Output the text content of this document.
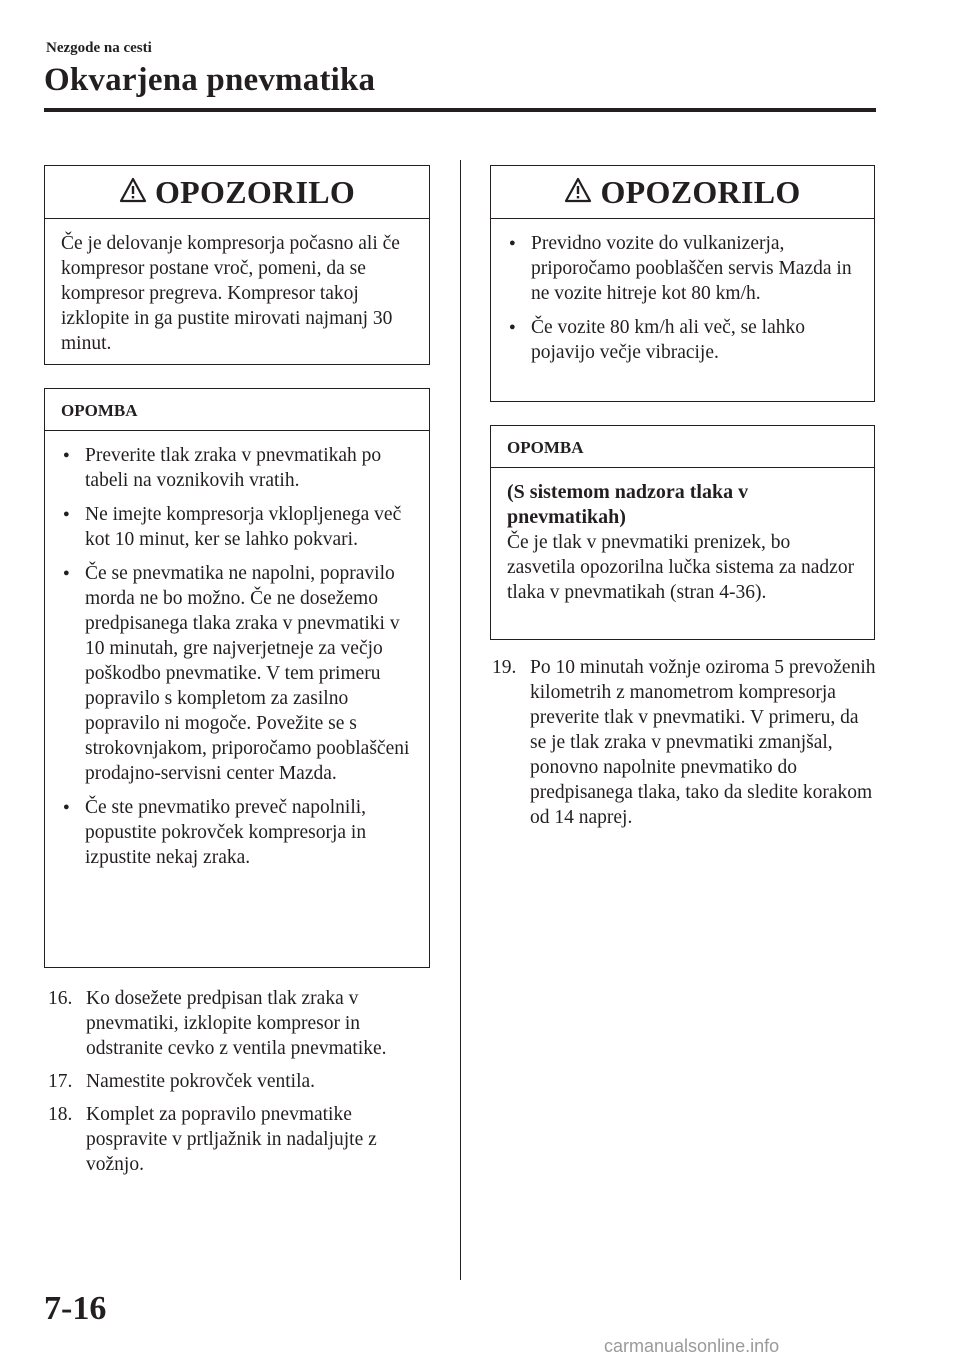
Nezgode na cesti
Okvarjena pnevmatika
OPOZORILO
Če je delovanje kompresorja počasno ali če kompresor postane vroč, pomeni, da se kompresor pregreva. Kompresor takoj izklopite in ga pustite mirovati najmanj 30 minut.
OPOMBA
● Preverite tlak zraka v pnevmatikah po tabeli na voznikovih vratih.
● Ne imejte kompresorja vklopljenega več kot 10 minut, ker se lahko pokvari.
● Če se pnevmatika ne napolni, popravilo morda ne bo možno. Če ne dosežemo predpisanega tlaka zraka v pnevmatiki v 10 minutah, gre najverjetneje za večjo poškodbo pnevmatike. V tem primeru popravilo s kompletom za zasilno popravilo ni mogoče. Povežite se s strokovnjakom, priporočamo pooblaščeni prodajno-servisni center Mazda.
● Če ste pnevmatiko preveč napolnili, popustite pokrovček kompresorja in izpustite nekaj zraka.
16. Ko dosežete predpisan tlak zraka v pnevmatiki, izklopite kompresor in odstranite cevko z ventila pnevmatike.
17. Namestite pokrovček ventila.
18. Komplet za popravilo pnevmatike pospravite v prtljažnik in nadaljujte z vožnjo.
OPOZORILO
● Previdno vozite do vulkanizerja, priporočamo pooblaščen servis Mazda in ne vozite hitreje kot 80 km/h.
● Če vozite 80 km/h ali več, se lahko pojavijo večje vibracije.
OPOMBA
(S sistemom nadzora tlaka v pnevmatikah)
Če je tlak v pnevmatiki prenizek, bo zasvetila opozorilna lučka sistema za nadzor tlaka v pnevmatikah (stran 4-36).
19. Po 10 minutah vožnje oziroma 5 prevoženih kilometrih z manometrom kompresorja preverite tlak v pnevmatiki. V primeru, da se je tlak zraka v pnevmatiki zmanjšal, ponovno napolnite pnevmatiko do predpisanega tlaka, tako da sledite korakom od 14 naprej.
7-16
carmanualsonline.info
